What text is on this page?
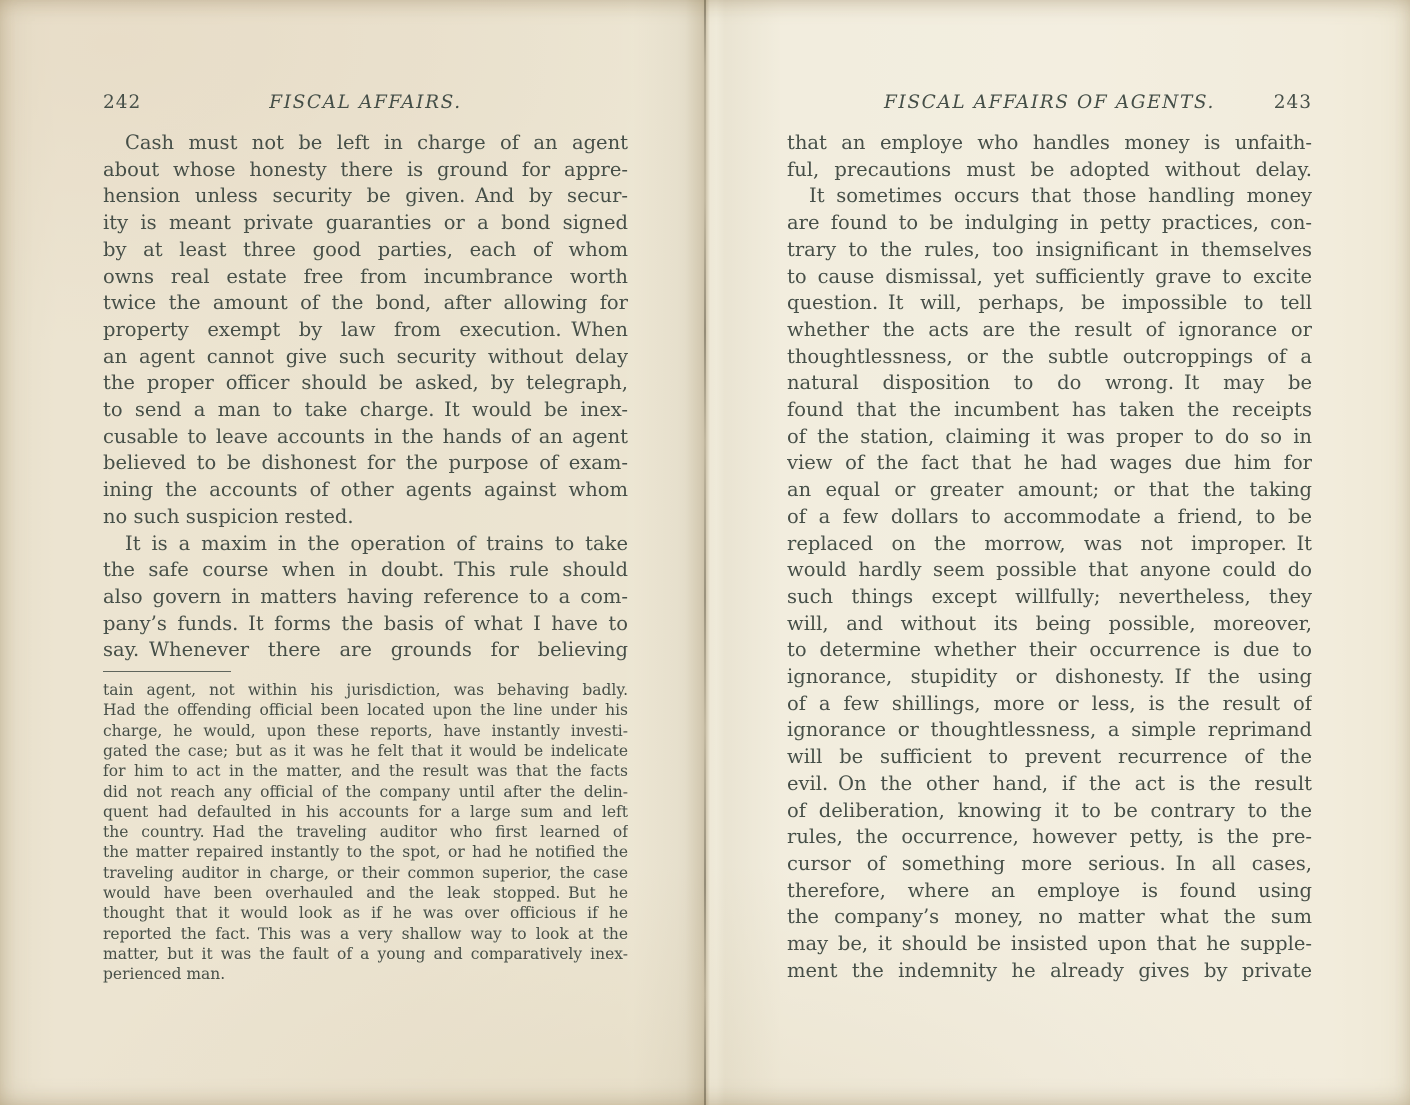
242	FISCAL AFFAIRS.
Cash must not be left in charge of an agent
about whose honesty there is ground for appre-
hension unless security be given. And by secur-
ity is meant private guaranties or a bond signed
by at least three good parties, each of whom
owns real estate free from incumbrance worth
twice the amount of the bond, after allowing for
property exempt by law from execution. When
an agent cannot give such security without delay
the proper officer should be asked, by telegraph,
to send a man to take charge. It would be inex-
cusable to leave accounts in the hands of an agent
believed to be dishonest for the purpose of exam-
ining the accounts of other agents against whom
no such suspicion rested.
It is a maxim in the operation of trains to take
the safe course when in doubt. This rule should
also govern in matters having reference to a com-
pany’s funds. It forms the basis of what I have to
say. Whenever there are grounds for believing
tain agent, not within his jurisdiction, was behaving badly.
Had the offending official been located upon the line under his
charge, he would, upon these reports, have instantly investi-
gated the case; but as it was he felt that it would be indelicate
for him to act in the matter, and the result was that the facts
did not reach any official of the company until after the delin-
quent had defaulted in his accounts for a large sum and left
the country. Had the traveling auditor who first learned of
the matter repaired instantly to the spot, or had he notified the
traveling auditor in charge, or their common superior, the case
would have been overhauled and the leak stopped. But he
thought that it would look as if he was over officious if he
reported the fact. This was a very shallow way to look at the
matter, but it was the fault of a young and comparatively inex-
perienced man.
243
FISCAL AFFAIRS OF AGENTS.
that an employe who handles money is unfaith-
ful, precautions must be adopted without delay.
It sometimes occurs that those handling money
are found to be indulging in petty practices, con-
trary to the rules, too insignificant in themselves
to cause dismissal, yet sufficiently grave to excite
question. It will, perhaps, be impossible to tell
whether the acts are the result of ignorance or
thoughtlessness, or the subtle outcroppings of a
natural disposition to do wrong. It may be
found that the incumbent has taken the receipts
of the station, claiming it was proper to do so in
view of the fact that he had wages due him for
an equal or greater amount; or that the taking
of a few dollars to accommodate a friend, to be
replaced on the morrow, was not improper. It
would hardly seem possible that anyone could do
such things except willfully; nevertheless, they
will, and without its being possible, moreover,
to determine whether their occurrence is due to
ignorance, stupidity or dishonesty. If the using
of a few shillings, more or less, is the result of
ignorance or thoughtlessness, a simple reprimand
will be sufficient to prevent recurrence of the
evil. On the other hand, if the act is the result
of deliberation, knowing it to be contrary to the
rules, the occurrence, however petty, is the pre-
cursor of something more serious. In all cases,
therefore, where an employe is found using
the company’s money, no matter what the sum
may be, it should be insisted upon that he supple-
ment the indemnity he already gives by private
